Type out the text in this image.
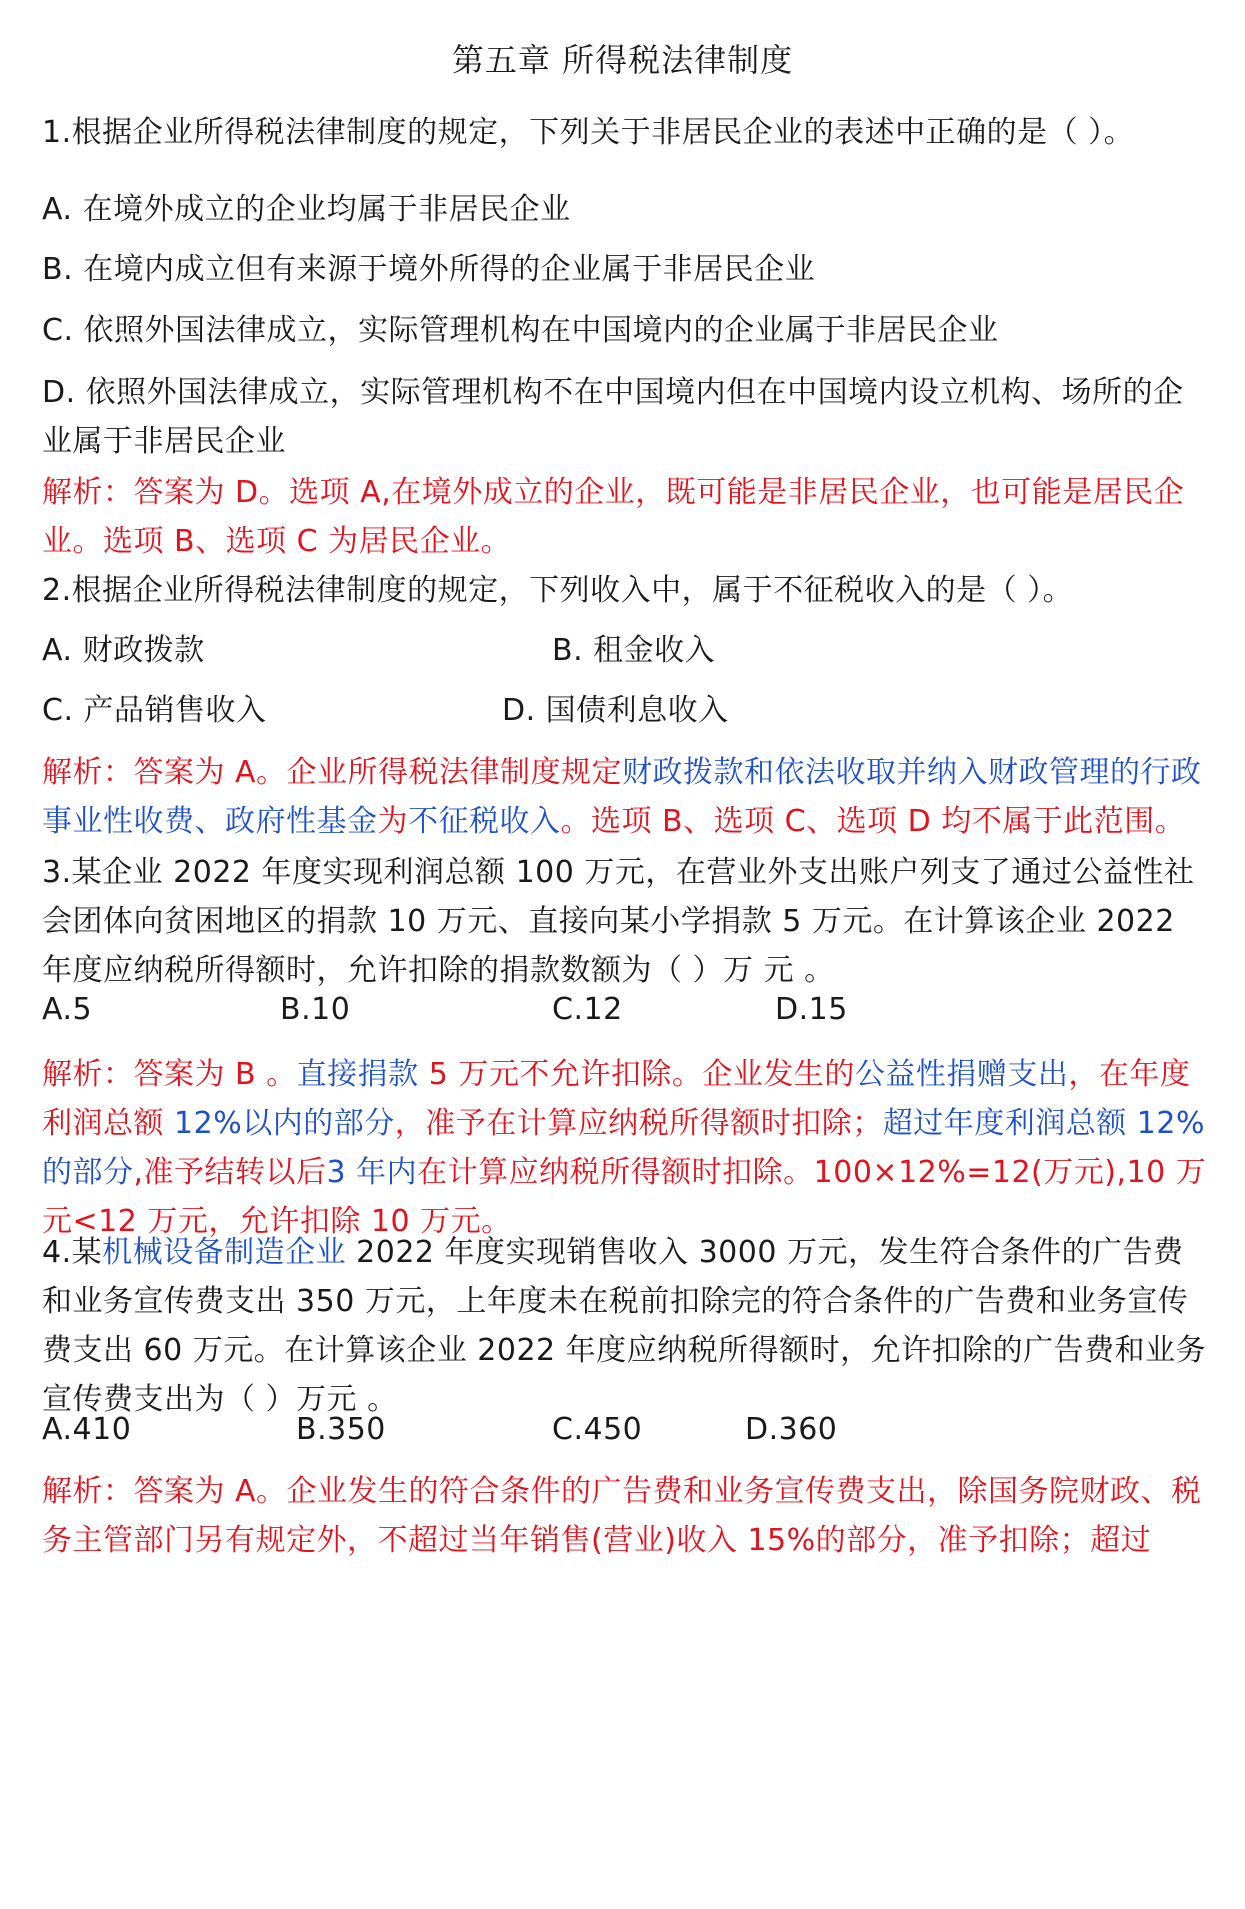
第五章 所得税法律制度
1.根据企业所得税法律制度的规定，下列关于非居民企业的表述中正确的是（ ）。
A. 在境外成立的企业均属于非居民企业
B. 在境内成立但有来源于境外所得的企业属于非居民企业
C. 依照外国法律成立，实际管理机构在中国境内的企业属于非居民企业
D. 依照外国法律成立，实际管理机构不在中国境内但在中国境内设立机构、场所的企业属于非居民企业
解析：答案为 D。选项 A,在境外成立的企业，既可能是非居民企业，也可能是居民企业。选项 B、选项 C 为居民企业。
2.根据企业所得税法律制度的规定，下列收入中，属于不征税收入的是（ ）。
A. 财政拨款	B. 租金收入
C. 产品销售收入	D. 国债利息收入
解析：答案为 A。企业所得税法律制度规定财政拨款和依法收取并纳入财政管理的行政事业性收费、政府性基金为不征税收入。选项 B、选项 C、选项 D 均不属于此范围。
3.某企业 2022 年度实现利润总额 100 万元，在营业外支出账户列支了通过公益性社会团体向贫困地区的捐款 10 万元、直接向某小学捐款 5 万元。在计算该企业 2022 年度应纳税所得额时，允许扣除的捐款数额为（ ）万 元 。
A.5	B.10	C.12	D.15
解析：答案为 B 。直接捐款 5 万元不允许扣除。企业发生的公益性捐赠支出，在年度利润总额 12%以内的部分，准予在计算应纳税所得额时扣除；超过年度利润总额 12%的部分,准予结转以后3 年内在计算应纳税所得额时扣除。100×12%=12(万元),10 万元<12 万元，允许扣除 10 万元。
4.某机械设备制造企业 2022 年度实现销售收入 3000 万元，发生符合条件的广告费和业务宣传费支出 350 万元，上年度未在税前扣除完的符合条件的广告费和业务宣传费支出 60 万元。在计算该企业 2022 年度应纳税所得额时，允许扣除的广告费和业务宣传费支出为（ ）万元 。
A.410	B.350	C.450	D.360
解析：答案为 A。企业发生的符合条件的广告费和业务宣传费支出，除国务院财政、税务主管部门另有规定外，不超过当年销售(营业)收入 15%的部分，准予扣除；超过
